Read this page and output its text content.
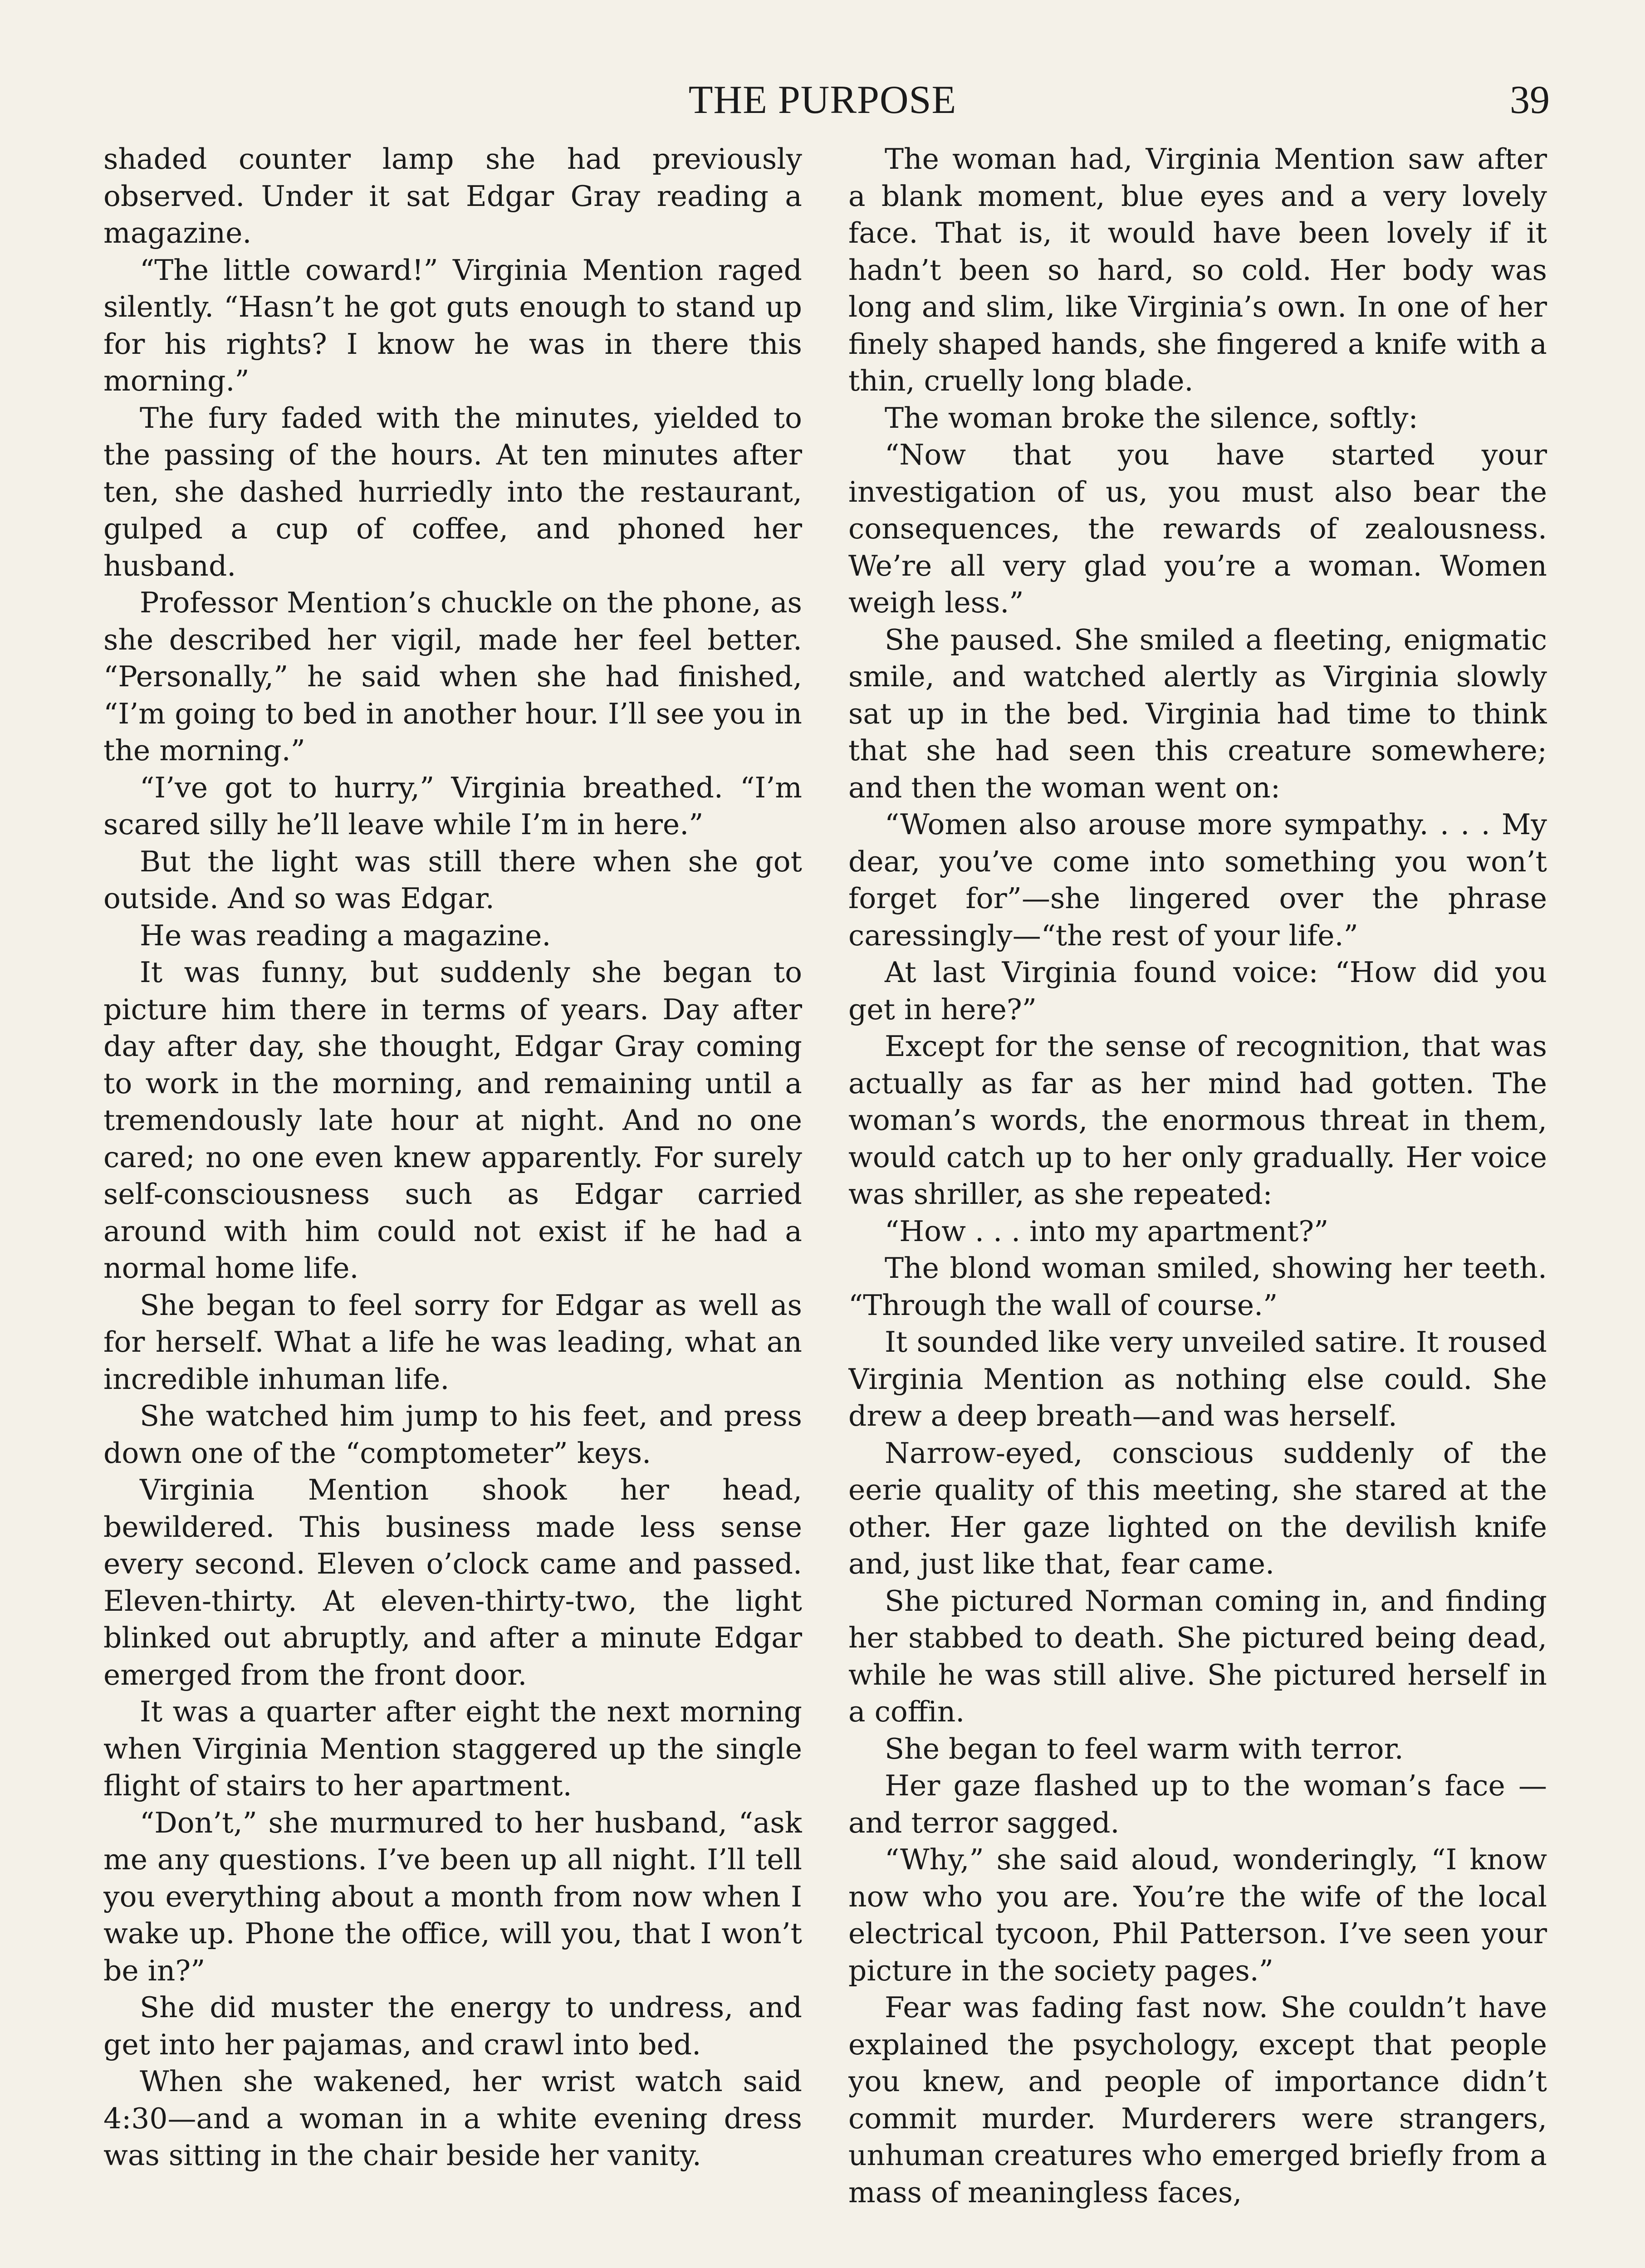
THE PURPOSE	39

shaded counter lamp she had previously observed. Under it sat Edgar Gray reading a magazine.

“The little coward!” Virginia Mention raged silently. “Hasn’t he got guts enough to stand up for his rights? I know he was in there this morning.”

The fury faded with the minutes, yielded to the passing of the hours. At ten minutes after ten, she dashed hurriedly into the restaurant, gulped a cup of coffee, and phoned her husband.

Professor Mention’s chuckle on the phone, as she described her vigil, made her feel better. “Personally,” he said when she had finished, “I’m going to bed in another hour. I’ll see you in the morning.”

“I’ve got to hurry,” Virginia breathed. “I’m scared silly he’ll leave while I’m in here.”

But the light was still there when she got outside. And so was Edgar.

He was reading a magazine.

It was funny, but suddenly she began to picture him there in terms of years. Day after day after day, she thought, Edgar Gray coming to work in the morning, and remaining until a tremendously late hour at night. And no one cared; no one even knew apparently. For surely self-consciousness such as Edgar carried around with him could not exist if he had a normal home life.

She began to feel sorry for Edgar as well as for herself. What a life he was leading, what an incredible inhuman life.

She watched him jump to his feet, and press down one of the “comptometer” keys.

Virginia Mention shook her head, bewildered. This business made less sense every second. Eleven o’clock came and passed. Eleven-thirty. At eleven-thirty-two, the light blinked out abruptly, and after a minute Edgar emerged from the front door.

It was a quarter after eight the next morning when Virginia Mention staggered up the single flight of stairs to her apartment.

“Don’t,” she murmured to her husband, “ask me any questions. I’ve been up all night. I’ll tell you everything about a month from now when I wake up. Phone the office, will you, that I won’t be in?”

She did muster the energy to undress, and get into her pajamas, and crawl into bed.

When she wakened, her wrist watch said 4:30—and a woman in a white evening dress was sitting in the chair beside her vanity.

The woman had, Virginia Mention saw after a blank moment, blue eyes and a very lovely face. That is, it would have been lovely if it hadn’t been so hard, so cold. Her body was long and slim, like Virginia’s own. In one of her finely shaped hands, she fingered a knife with a thin, cruelly long blade.

The woman broke the silence, softly:

“Now that you have started your investigation of us, you must also bear the consequences, the rewards of zealousness. We’re all very glad you’re a woman. Women weigh less.”

She paused. She smiled a fleeting, enigmatic smile, and watched alertly as Virginia slowly sat up in the bed. Virginia had time to think that she had seen this creature somewhere; and then the woman went on:

“Women also arouse more sympathy. . . . My dear, you’ve come into something you won’t forget for”—she lingered over the phrase caressingly—“the rest of your life.”

At last Virginia found voice: “How did you get in here?”

Except for the sense of recognition, that was actually as far as her mind had gotten. The woman’s words, the enormous threat in them, would catch up to her only gradually. Her voice was shriller, as she repeated:

“How . . . into my apartment?”

The blond woman smiled, showing her teeth. “Through the wall of course.”

It sounded like very unveiled satire. It roused Virginia Mention as nothing else could. She drew a deep breath—and was herself.

Narrow-eyed, conscious suddenly of the eerie quality of this meeting, she stared at the other. Her gaze lighted on the devilish knife and, just like that, fear came.

She pictured Norman coming in, and finding her stabbed to death. She pictured being dead, while he was still alive. She pictured herself in a coffin.

She began to feel warm with terror.

Her gaze flashed up to the woman’s face —and terror sagged.

“Why,” she said aloud, wonderingly, “I know now who you are. You’re the wife of the local electrical tycoon, Phil Patterson. I’ve seen your picture in the society pages.”

Fear was fading fast now. She couldn’t have explained the psychology, except that people you knew, and people of importance didn’t commit murder. Murderers were strangers, unhuman creatures who emerged briefly from a mass of meaningless faces,
